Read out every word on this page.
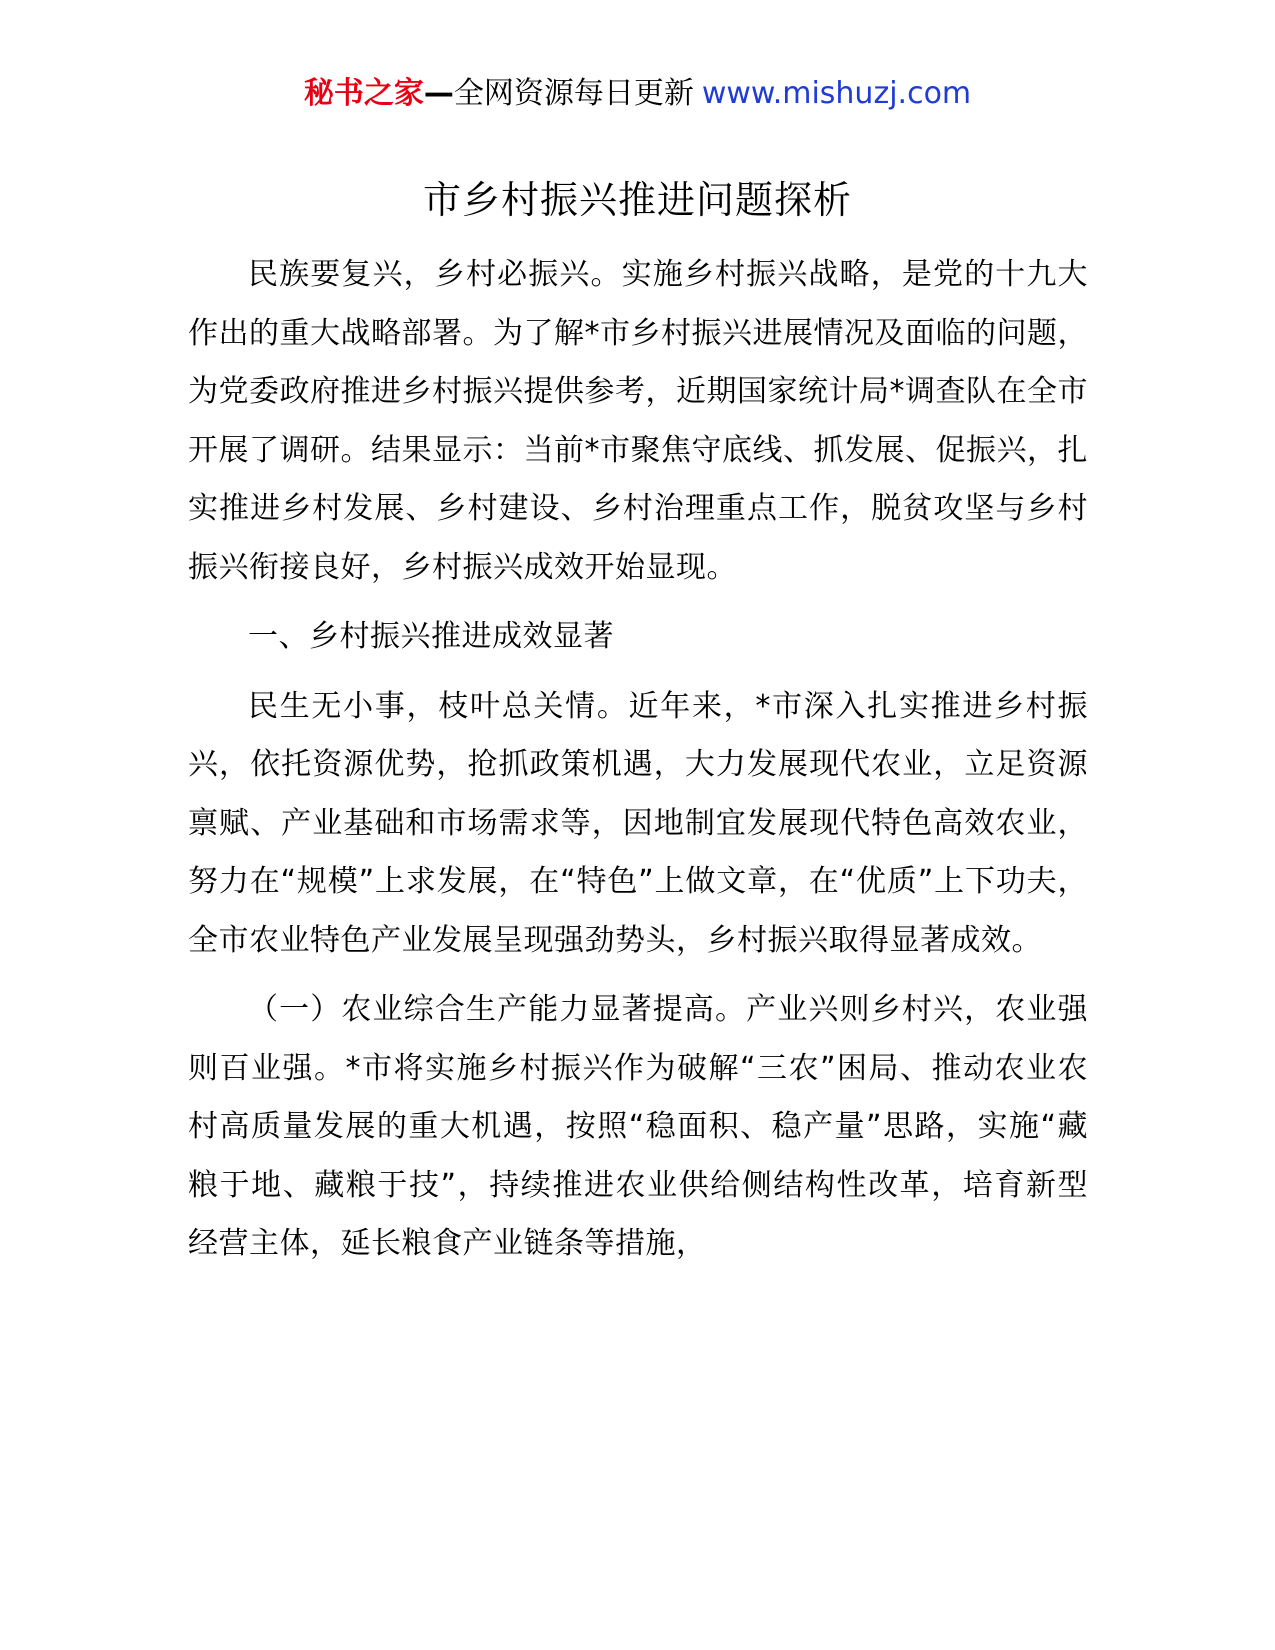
秘书之家—全网资源每日更新 www.mishuzj.com
市乡村振兴推进问题探析

民族要复兴，乡村必振兴。实施乡村振兴战略，是党的十九大作出的重大战略部署。为了解*市乡村振兴进展情况及面临的问题，为党委政府推进乡村振兴提供参考，近期国家统计局*调查队在全市开展了调研。结果显示：当前*市聚焦守底线、抓发展、促振兴，扎实推进乡村发展、乡村建设、乡村治理重点工作，脱贫攻坚与乡村振兴衔接良好，乡村振兴成效开始显现。

一、乡村振兴推进成效显著

民生无小事，枝叶总关情。近年来，*市深入扎实推进乡村振兴，依托资源优势，抢抓政策机遇，大力发展现代农业，立足资源禀赋、产业基础和市场需求等，因地制宜发展现代特色高效农业，努力在“规模”上求发展，在“特色”上做文章，在“优质”上下功夫，全市农业特色产业发展呈现强劲势头，乡村振兴取得显著成效。

（一）农业综合生产能力显著提高。产业兴则乡村兴，农业强则百业强。*市将实施乡村振兴作为破解“三农”困局、推动农业农村高质量发展的重大机遇，按照“稳面积、稳产量”思路，实施“藏粮于地、藏粮于技”，持续推进农业供给侧结构性改革，培育新型经营主体，延长粮食产业链条等措施，
